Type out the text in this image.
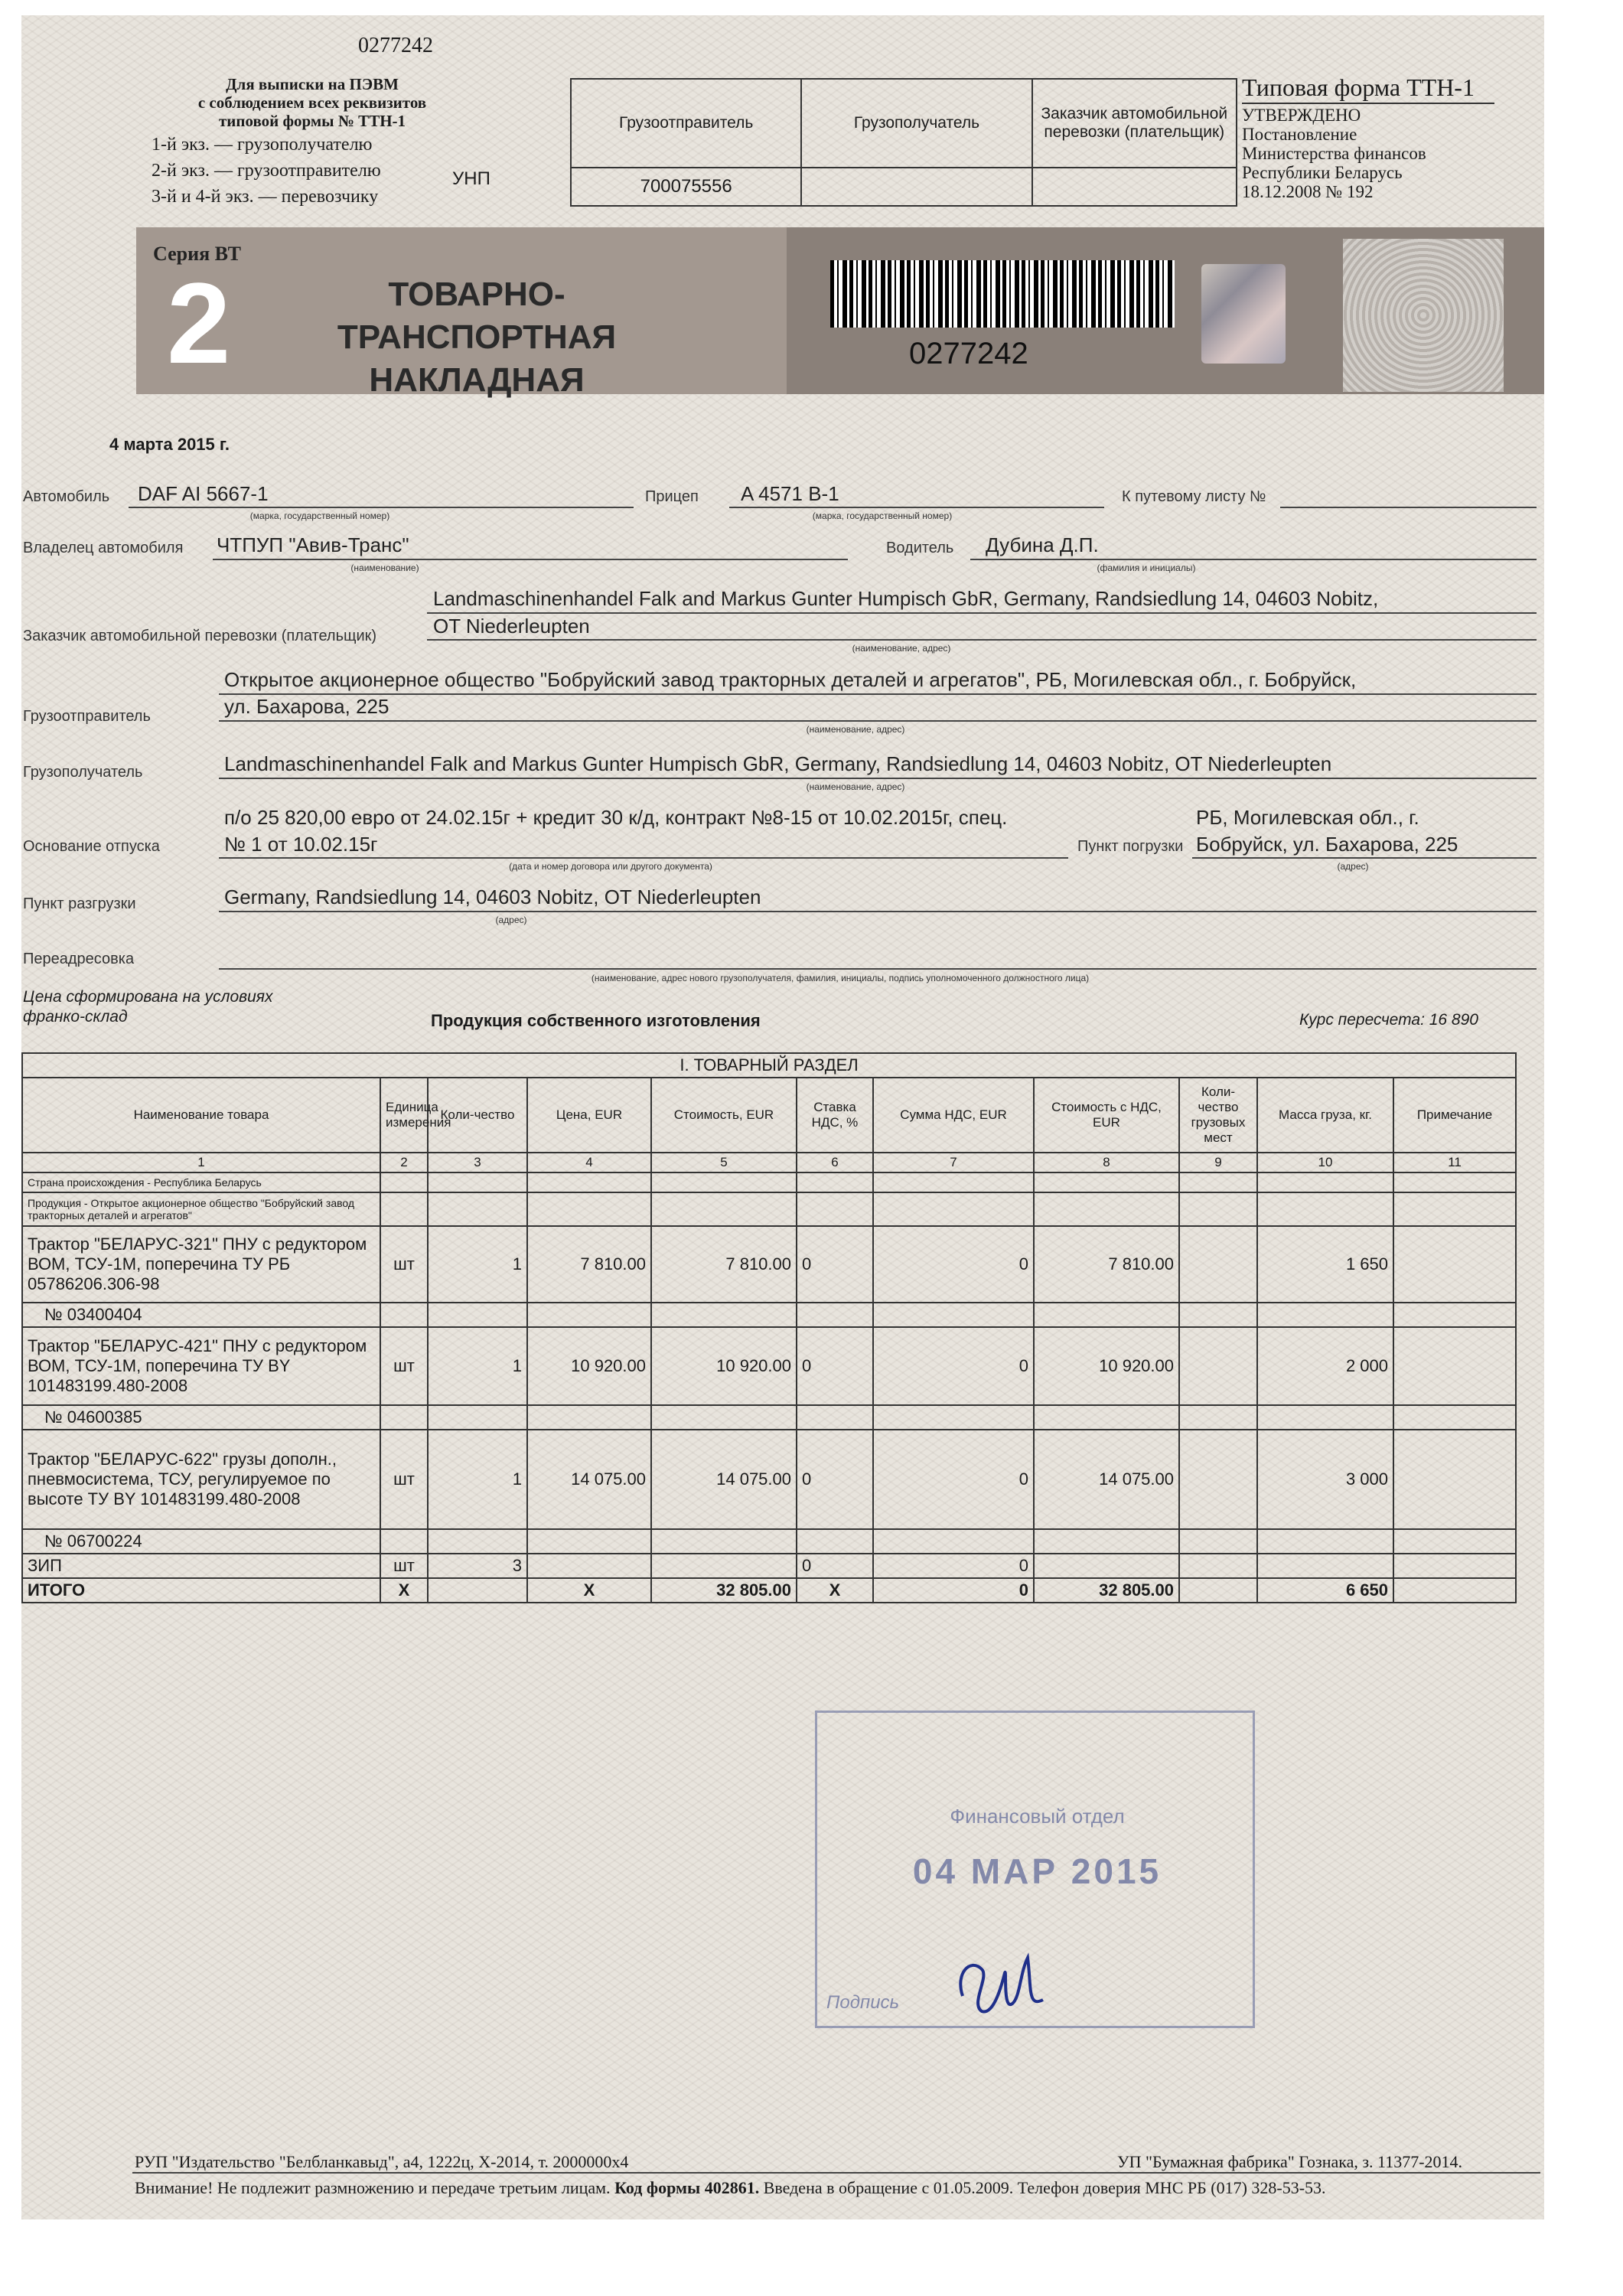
0277242
Для выписки на ПЭВМ
с соблюдением всех реквизитов
типовой формы № ТТН-1
1-й экз. — грузополучателю
2-й экз. — грузоотправителю
3-й и 4-й экз. — перевозчику
УНП
Грузоотправитель	Грузополучатель	Заказчик автомобильной перевозки (плательщик)
700075556		
Типовая форма ТТН-1
УТВЕРЖДЕНО
Постановление
Министерства финансов
Республики Беларусь
18.12.2008 № 192
Серия ВТ
2	ТОВАРНО-ТРАНСПОРТНАЯ
НАКЛАДНАЯ
0277242
4 марта 2015 г.
Автомобиль DAF AI 5667-1
(марка, государственный номер)
Прицеп A 4571 B-1
(марка, государственный номер)
К путевому листу №
Владелец автомобиля ЧТПУП "Авив-Транс"
(наименование)
Водитель Дубина Д.П.
(фамилия и инициалы)
Landmaschinenhandel Falk and Markus Gunter Humpisch GbR, Germany, Randsiedlung 14, 04603 Nobitz,
Заказчик автомобильной перевозки (плательщик)	OT Niederleupten
(наименование, адрес)
Открытое акционерное общество "Бобруйский завод тракторных деталей и агрегатов", РБ, Могилевская обл., г. Бобруйск,
Грузоотправитель	ул. Бахарова, 225
(наименование, адрес)
Грузополучатель	Landmaschinenhandel Falk and Markus Gunter Humpisch GbR, Germany, Randsiedlung 14, 04603 Nobitz, OT Niederleupten
(наименование, адрес)
п/о 25 820,00 евро от 24.02.15г + кредит 30 к/д, контракт №8-15 от 10.02.2015г, спец.	РБ, Могилевская обл., г.
Основание отпуска	№ 1 от 10.02.15г
(дата и номер договора или другого документа)
Пункт погрузки Бобруйск, ул. Бахарова, 225
(адрес)
Пункт разгрузки	Germany, Randsiedlung 14, 04603 Nobitz, OT Niederleupten
(адрес)
Переадресовка
(наименование, адрес нового грузополучателя, фамилия, инициалы, подпись уполномоченного должностного лица)
Цена сформирована на условиях
франко-склад	Продукция собственного изготовления	Курс пересчета: 16 890
I. ТОВАРНЫЙ РАЗДЕЛ										
Наименование товара	Единица измерения	Коли-чество	Цена, EUR	Стоимость, EUR	Ставка НДС, %	Сумма НДС, EUR	Стоимость с НДС, EUR	Коли-чество грузовых мест	Масса груза, кг.	Примечание
1	2	3	4	5	6	7	8	9	10	11
Страна происхождения - Республика Беларусь										
Продукция - Открытое акционерное общество "Бобруйский завод тракторных деталей и агрегатов"										
Трактор "БЕЛАРУС-321" ПНУ с редуктором ВОМ, ТСУ-1М, поперечина ТУ РБ 05786206.306-98	шт	1	7 810.00	7 810.00	0	0	7 810.00		1 650	
№ 03400404										
Трактор "БЕЛАРУС-421" ПНУ с редуктором ВОМ, ТСУ-1М, поперечина ТУ BY 101483199.480-2008	шт	1	10 920.00	10 920.00	0	0	10 920.00		2 000	
№ 04600385										
Трактор "БЕЛАРУС-622" грузы дополн., пневмосистема, ТСУ, регулируемое по высоте ТУ BY 101483199.480-2008	шт	1	14 075.00	14 075.00	0	0	14 075.00		3 000	
№ 06700224										
ЗИП	шт	3			0	0				
ИТОГО	Х		Х	32 805.00	Х	0	32 805.00		6 650	
Финансовый отдел
04 МАР 2015
Подпись
РУП "Издательство "Белбланкавыд", а4, 1222ц, Х-2014, т. 2000000х4	УП "Бумажная фабрика" Гознака, з. 11377-2014.
Внимание! Не подлежит размножению и передаче третьим лицам. Код формы 402861. Введена в обращение с 01.05.2009. Телефон доверия МНС РБ (017) 328-53-53.
